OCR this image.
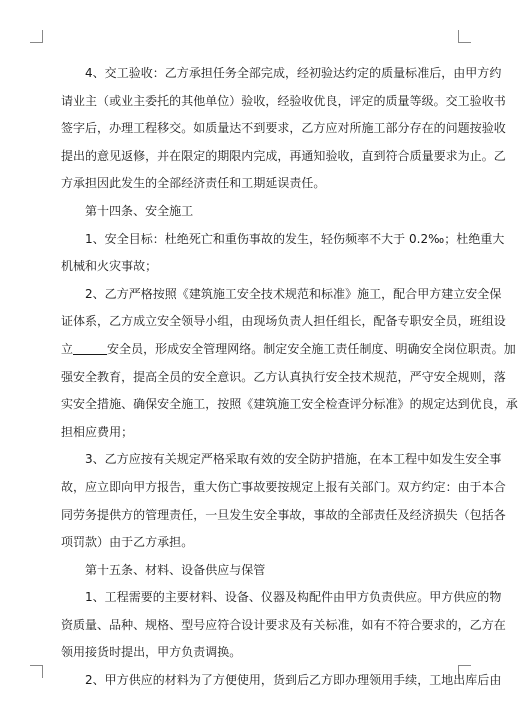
4、交工验收：乙方承担任务全部完成，经初验达约定的质量标准后，由甲方约
请业主（或业主委托的其他单位）验收，经验收优良，评定的质量等级。交工验收书
签字后，办理工程移交。如质量达不到要求，乙方应对所施工部分存在的问题按验收
提出的意见返修，并在限定的期限内完成，再通知验收，直到符合质量要求为止。乙
方承担因此发生的全部经济责任和工期延误责任。
第十四条、安全施工
1、安全目标：杜绝死亡和重伤事故的发生，轻伤频率不大于 0.2‰；杜绝重大
机械和火灾事故；
2、乙方严格按照《建筑施工安全技术规范和标准》施工，配合甲方建立安全保
证体系，乙方成立安全领导小组，由现场负责人担任组长，配备专职安全员，班组设
立	安全员，形成安全管理网络。制定安全施工责任制度、明确安全岗位职责。加
强安全教育，提高全员的安全意识。乙方认真执行安全技术规范，严守安全规则，落
实安全措施、确保安全施工，按照《建筑施工安全检查评分标准》的规定达到优良，承
担相应费用；
3、乙方应按有关规定严格采取有效的安全防护措施，在本工程中如发生安全事
故，应立即向甲方报告，重大伤亡事故要按规定上报有关部门。双方约定：由于本合
同劳务提供方的管理责任，一旦发生安全事故，事故的全部责任及经济损失（包括各
项罚款）由于乙方承担。
第十五条、材料、设备供应与保管
1、工程需要的主要材料、设备、仪器及构配件由甲方负责供应。甲方供应的物
资质量、品种、规格、型号应符合设计要求及有关标准，如有不符合要求的，乙方在
领用接货时提出，甲方负责调换。
2、甲方供应的材料为了方便使用，货到后乙方即办理领用手续，工地出库后由
